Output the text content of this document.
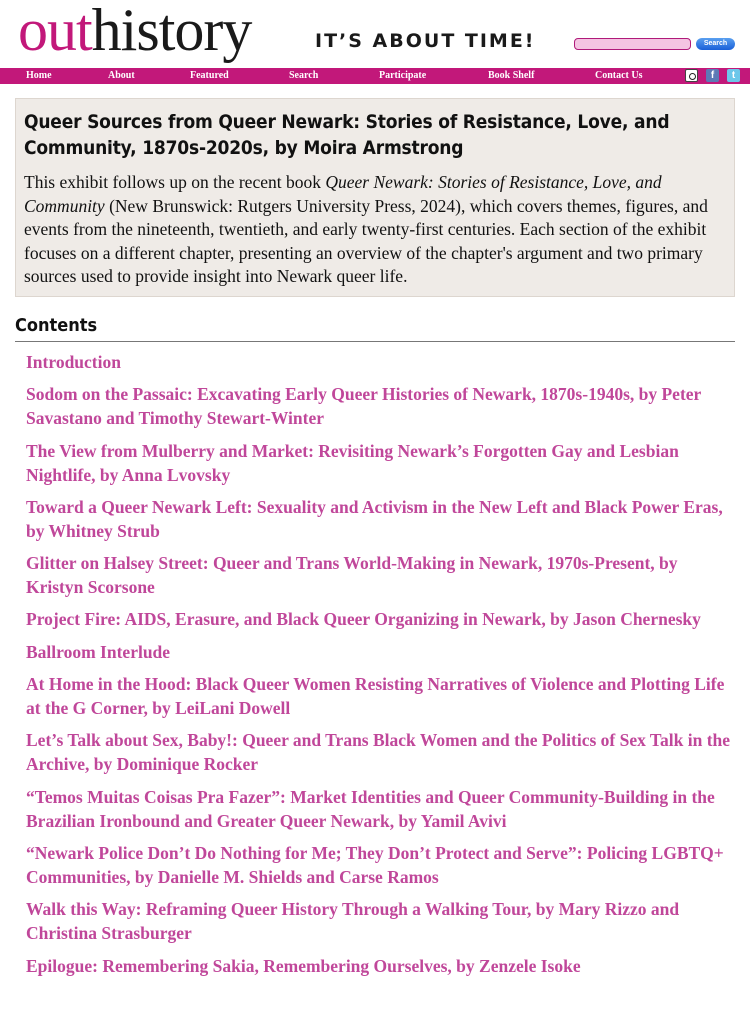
outhistory	IT’S ABOUT TIME!	Search
Home	About	Featured	Search	Participate	Book Shelf	Contact Us	f	t
Queer Sources from Queer Newark: Stories of Resistance, Love, and Community, 1870s-2020s, by Moira Armstrong

This exhibit follows up on the recent book Queer Newark: Stories of Resistance, Love, and Community (New Brunswick: Rutgers University Press, 2024), which covers themes, figures, and events from the nineteenth, twentieth, and early twenty-first centuries. Each section of the exhibit focuses on a different chapter, presenting an overview of the chapter's argument and two primary sources used to provide insight into Newark queer life.

Contents
Introduction
Sodom on the Passaic: Excavating Early Queer Histories of Newark, 1870s-1940s, by Peter Savastano and Timothy Stewart-Winter
The View from Mulberry and Market: Revisiting Newark’s Forgotten Gay and Lesbian Nightlife, by Anna Lvovsky
Toward a Queer Newark Left: Sexuality and Activism in the New Left and Black Power Eras, by Whitney Strub
Glitter on Halsey Street: Queer and Trans World-Making in Newark, 1970s-Present, by Kristyn Scorsone
Project Fire: AIDS, Erasure, and Black Queer Organizing in Newark, by Jason Chernesky
Ballroom Interlude
At Home in the Hood: Black Queer Women Resisting Narratives of Violence and Plotting Life at the G Corner, by LeiLani Dowell
Let’s Talk about Sex, Baby!: Queer and Trans Black Women and the Politics of Sex Talk in the Archive, by Dominique Rocker
“Temos Muitas Coisas Pra Fazer”: Market Identities and Queer Community-Building in the Brazilian Ironbound and Greater Queer Newark, by Yamil Avivi
“Newark Police Don’t Do Nothing for Me; They Don’t Protect and Serve”: Policing LGBTQ+ Communities, by Danielle M. Shields and Carse Ramos
Walk this Way: Reframing Queer History Through a Walking Tour, by Mary Rizzo and Christina Strasburger
Epilogue: Remembering Sakia, Remembering Ourselves, by Zenzele Isoke
